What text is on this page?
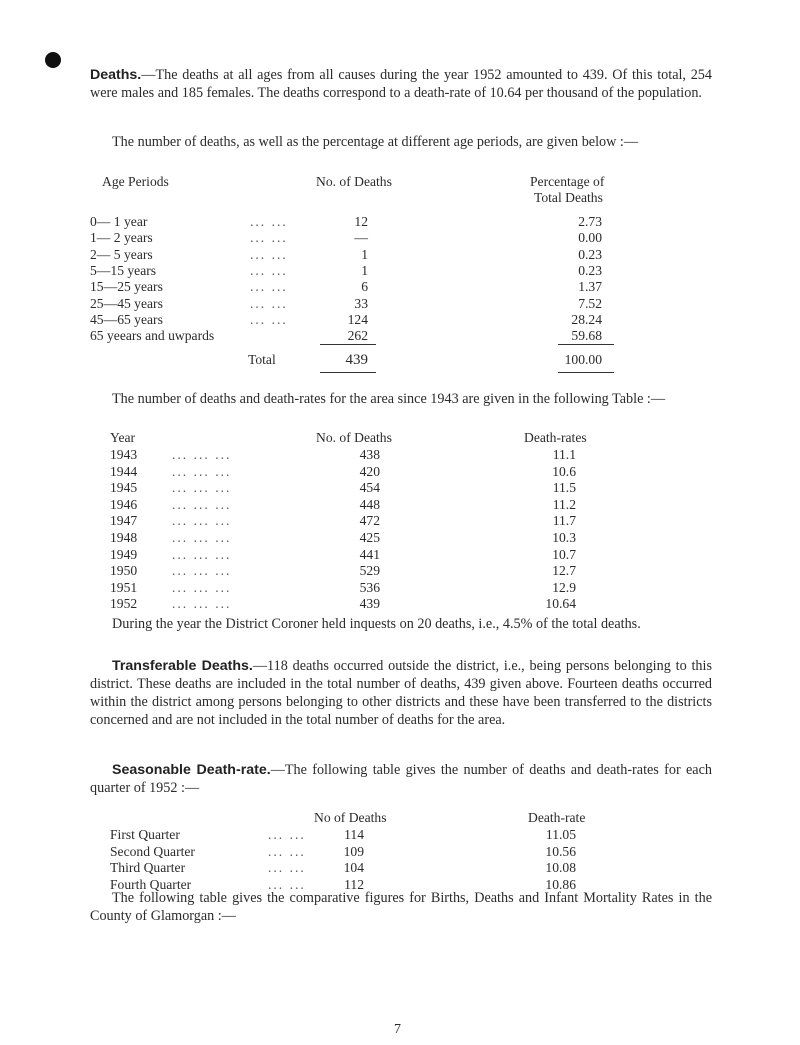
Deaths.—The deaths at all ages from all causes during the year 1952 amounted to 439. Of this total, 254 were males and 185 females. The deaths correspond to a death-rate of 10.64 per thousand of the population.
The number of deaths, as well as the percentage at different age periods, are given below :—
Age Periods	No. of Deaths	Percentage of
Total Deaths
0— 1 year	... ...	12	2.73
1— 2 years	... ...	—	0.00
2— 5 years	... ...	1	0.23
5—15 years	... ...	1	0.23
15—25 years	... ...	6	1.37
25—45 years	... ...	33	7.52
45—65 years	... ...	124	28.24
65 yeears and uwpards	262	59.68
Total	439	100.00
The number of deaths and death-rates for the area since 1943 are given in the following Table :—
Year	No. of Deaths	Death-rates
1943	... ... ...	438	11.1
1944	... ... ...	420	10.6
1945	... ... ...	454	11.5
1946	... ... ...	448	11.2
1947	... ... ...	472	11.7
1948	... ... ...	425	10.3
1949	... ... ...	441	10.7
1950	... ... ...	529	12.7
1951	... ... ...	536	12.9
1952	... ... ...	439	10.64
During the year the District Coroner held inquests on 20 deaths, i.e., 4.5% of the total deaths.
Transferable Deaths.—118 deaths occurred outside the district, i.e., being persons belonging to this district. These deaths are included in the total number of deaths, 439 given above. Fourteen deaths occurred within the district among persons belonging to other districts and these have been transferred to the districts concerned and are not included in the total number of deaths for the area.
Seasonable Death-rate.—The following table gives the number of deaths and death-rates for each quarter of 1952 :—
No of Deaths	Death-rate
First Quarter	... ...	114	11.05
Second Quarter	... ...	109	10.56
Third Quarter	... ...	104	10.08
Fourth Quarter	... ...	112	10.86
The following table gives the comparative figures for Births, Deaths and Infant Mortality Rates in the County of Glamorgan :—
7
